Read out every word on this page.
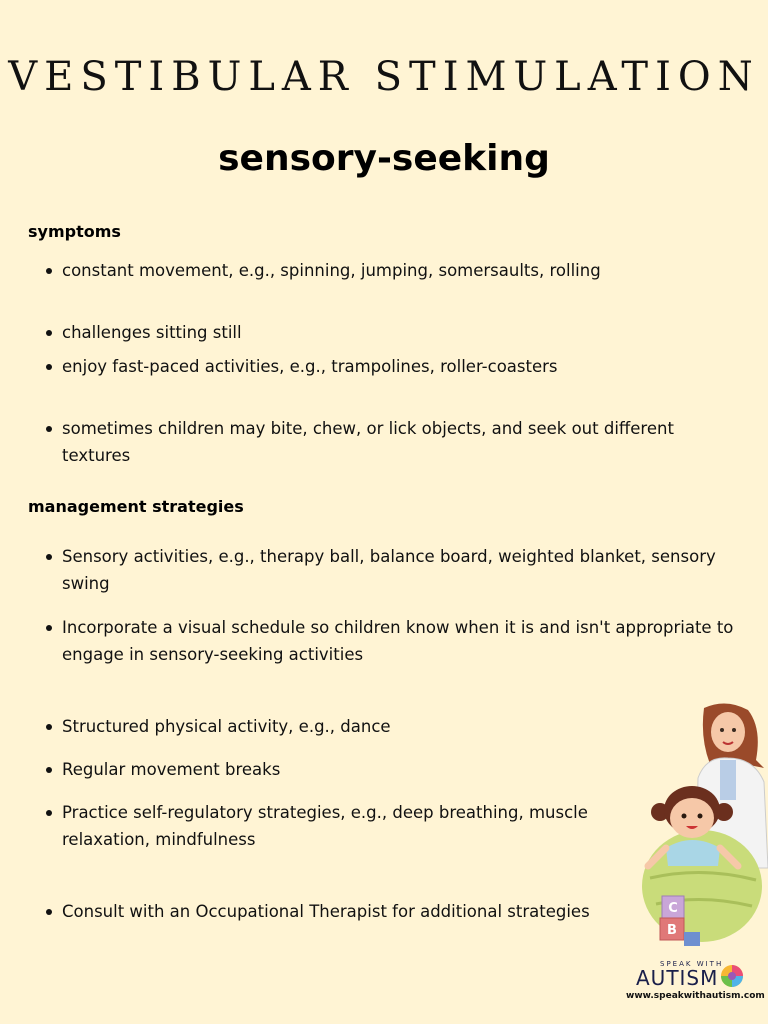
VESTIBULAR STIMULATION
sensory-seeking
symptoms
constant movement, e.g., spinning, jumping, somersaults, rolling
challenges sitting still
enjoy fast-paced activities, e.g., trampolines, roller-coasters
sometimes children may bite, chew, or lick objects, and seek out different
textures
management strategies
Sensory activities, e.g., therapy ball, balance board, weighted blanket, sensory
swing
Incorporate a visual schedule so children know when it is and isn't appropriate to
engage in sensory-seeking activities
Structured physical activity, e.g., dance
Regular movement breaks
Practice self-regulatory strategies, e.g., deep breathing, muscle
relaxation, mindfulness
Consult with an Occupational Therapist for additional strategies	C
B
SPEAK WITH
AUTISM
www.speakwithautism.com
